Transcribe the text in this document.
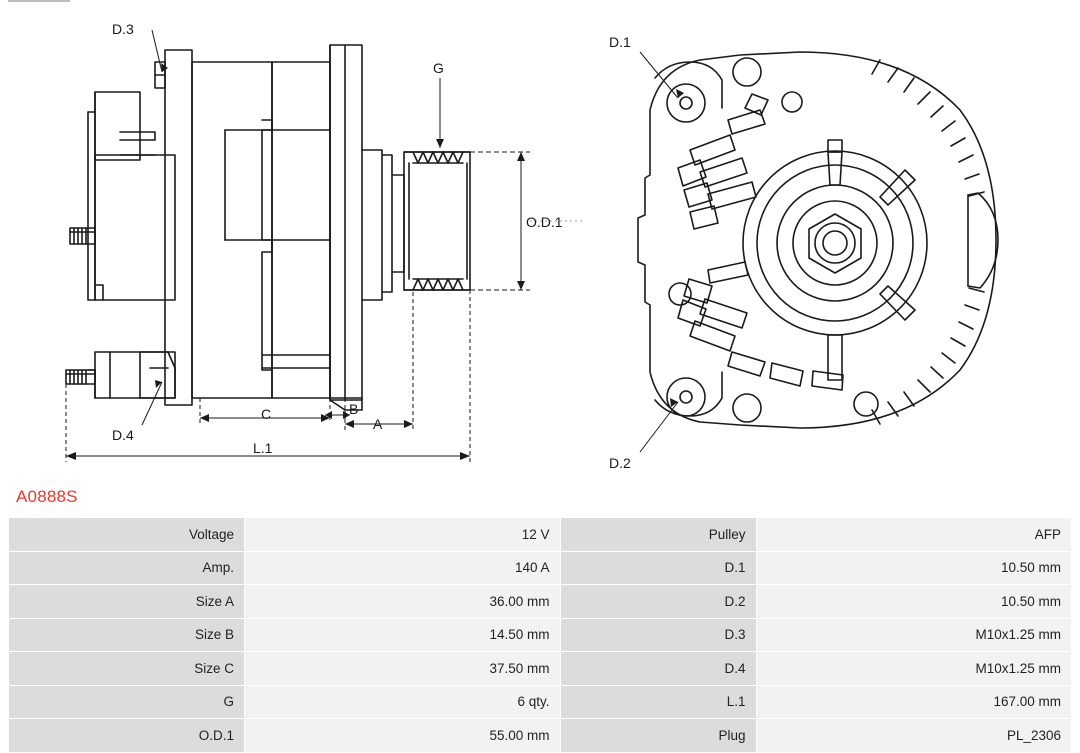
D.3
D.4
G
O.D.1
A
B
C
L.1
D.1
D.2
A0888S
Voltage	12 V	Pulley	AFP
Amp.	140 A	D.1	10.50 mm
Size A	36.00 mm	D.2	10.50 mm
Size B	14.50 mm	D.3	M10x1.25 mm
Size C	37.50 mm	D.4	M10x1.25 mm
G	6 qty.	L.1	167.00 mm
O.D.1	55.00 mm	Plug	PL_2306
